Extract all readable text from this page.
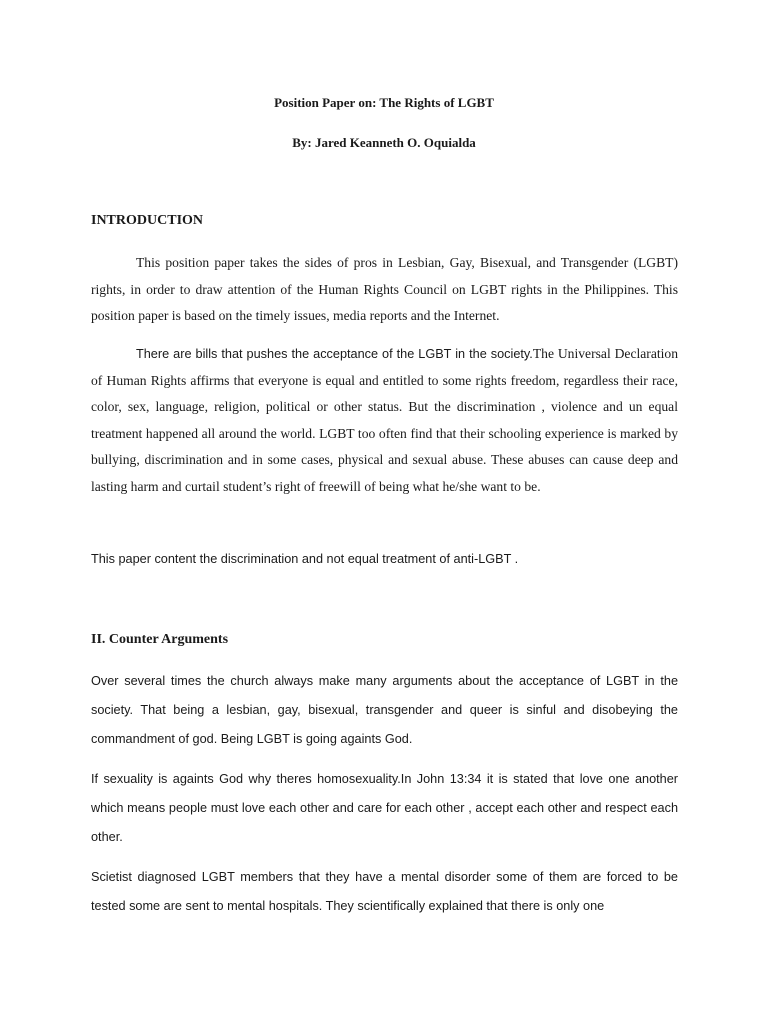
Position Paper on: The Rights of LGBT
By: Jared Keanneth O. Oquialda
INTRODUCTION
This position paper takes the sides of pros in Lesbian, Gay, Bisexual, and Transgender (LGBT) rights, in order to draw attention of the Human Rights Council on LGBT rights in the Philippines. This position paper is based on the timely issues, media reports and the Internet.
There are bills that pushes the acceptance of the LGBT in the society.The Universal Declaration of Human Rights affirms that everyone is equal and entitled to some rights freedom, regardless their race, color, sex, language, religion, political or other status. But the discrimination , violence and un equal treatment happened all around the world. LGBT too often find that their schooling experience is marked by bullying, discrimination and in some cases, physical and sexual abuse. These abuses can cause deep and lasting harm and curtail student’s right of freewill of being what he/she want to be.
This paper content the discrimination and not equal treatment of anti-LGBT .
II. Counter Arguments
Over several times the church always make many arguments about the acceptance of LGBT in the society. That being a lesbian, gay, bisexual, transgender and queer is sinful and disobeying the commandment of god. Being LGBT is going againts God.
If sexuality is againts God why theres homosexuality.In John 13:34 it is stated that love one another which means people must love each other and care for each other , accept each other and respect each other.
Scietist diagnosed LGBT members that they have a mental disorder some of them are forced to be tested some are sent to mental hospitals. They scientifically explained that there is only one
